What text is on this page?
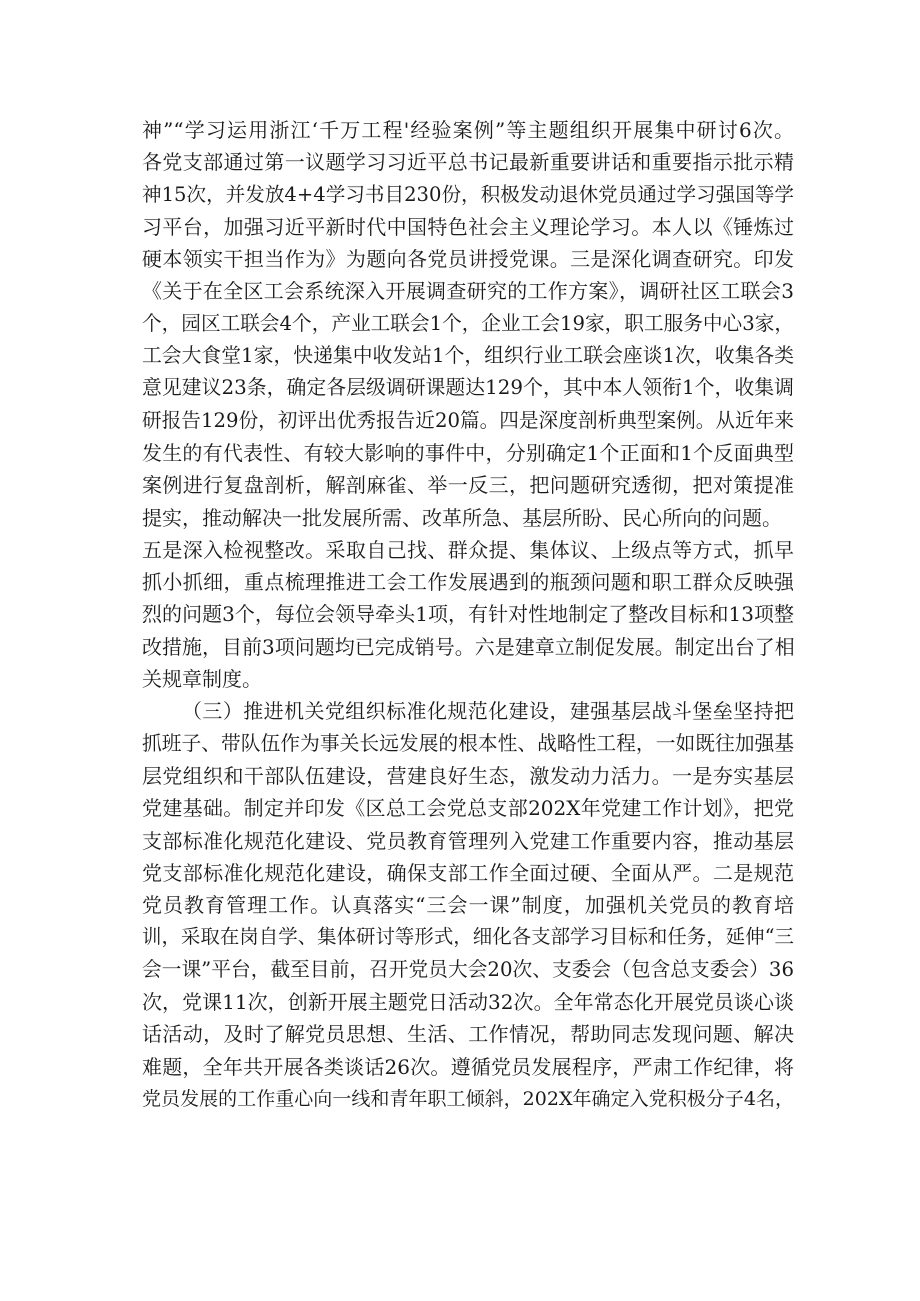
神”“学习运用浙江‘千万工程'经验案例”等主题组织开展集中研讨6次。
各党支部通过第一议题学习习近平总书记最新重要讲话和重要指示批示精
神15次，并发放4+4学习书目230份，积极发动退休党员通过学习强国等学
习平台，加强习近平新时代中国特色社会主义理论学习。本人以《锤炼过
硬本领实干担当作为》为题向各党员讲授党课。三是深化调查研究。印发
《关于在全区工会系统深入开展调查研究的工作方案》，调研社区工联会3
个，园区工联会4个，产业工联会1个，企业工会19家，职工服务中心3家，
工会大食堂1家，快递集中收发站1个，组织行业工联会座谈1次，收集各类
意见建议23条，确定各层级调研课题达129个，其中本人领衔1个，收集调
研报告129份，初评出优秀报告近20篇。四是深度剖析典型案例。从近年来
发生的有代表性、有较大影响的事件中，分别确定1个正面和1个反面典型
案例进行复盘剖析，解剖麻雀、举一反三，把问题研究透彻，把对策提准
提实，推动解决一批发展所需、改革所急、基层所盼、民心所向的问题。
五是深入检视整改。采取自己找、群众提、集体议、上级点等方式，抓早
抓小抓细，重点梳理推进工会工作发展遇到的瓶颈问题和职工群众反映强
烈的问题3个，每位会领导牵头1项，有针对性地制定了整改目标和13项整
改措施，目前3项问题均已完成销号。六是建章立制促发展。制定出台了相
关规章制度。
（三）推进机关党组织标准化规范化建设，建强基层战斗堡垒坚持把
抓班子、带队伍作为事关长远发展的根本性、战略性工程，一如既往加强基
层党组织和干部队伍建设，营建良好生态，激发动力活力。一是夯实基层
党建基础。制定并印发《区总工会党总支部202X年党建工作计划》，把党
支部标准化规范化建设、党员教育管理列入党建工作重要内容，推动基层
党支部标准化规范化建设，确保支部工作全面过硬、全面从严。二是规范
党员教育管理工作。认真落实“三会一课”制度，加强机关党员的教育培
训，采取在岗自学、集体研讨等形式，细化各支部学习目标和任务，延伸“三
会一课”平台，截至目前，召开党员大会20次、支委会（包含总支委会）36
次，党课11次，创新开展主题党日活动32次。全年常态化开展党员谈心谈
话活动，及时了解党员思想、生活、工作情况，帮助同志发现问题、解决
难题，全年共开展各类谈话26次。遵循党员发展程序，严肃工作纪律，将
党员发展的工作重心向一线和青年职工倾斜，202X年确定入党积极分子4名，
